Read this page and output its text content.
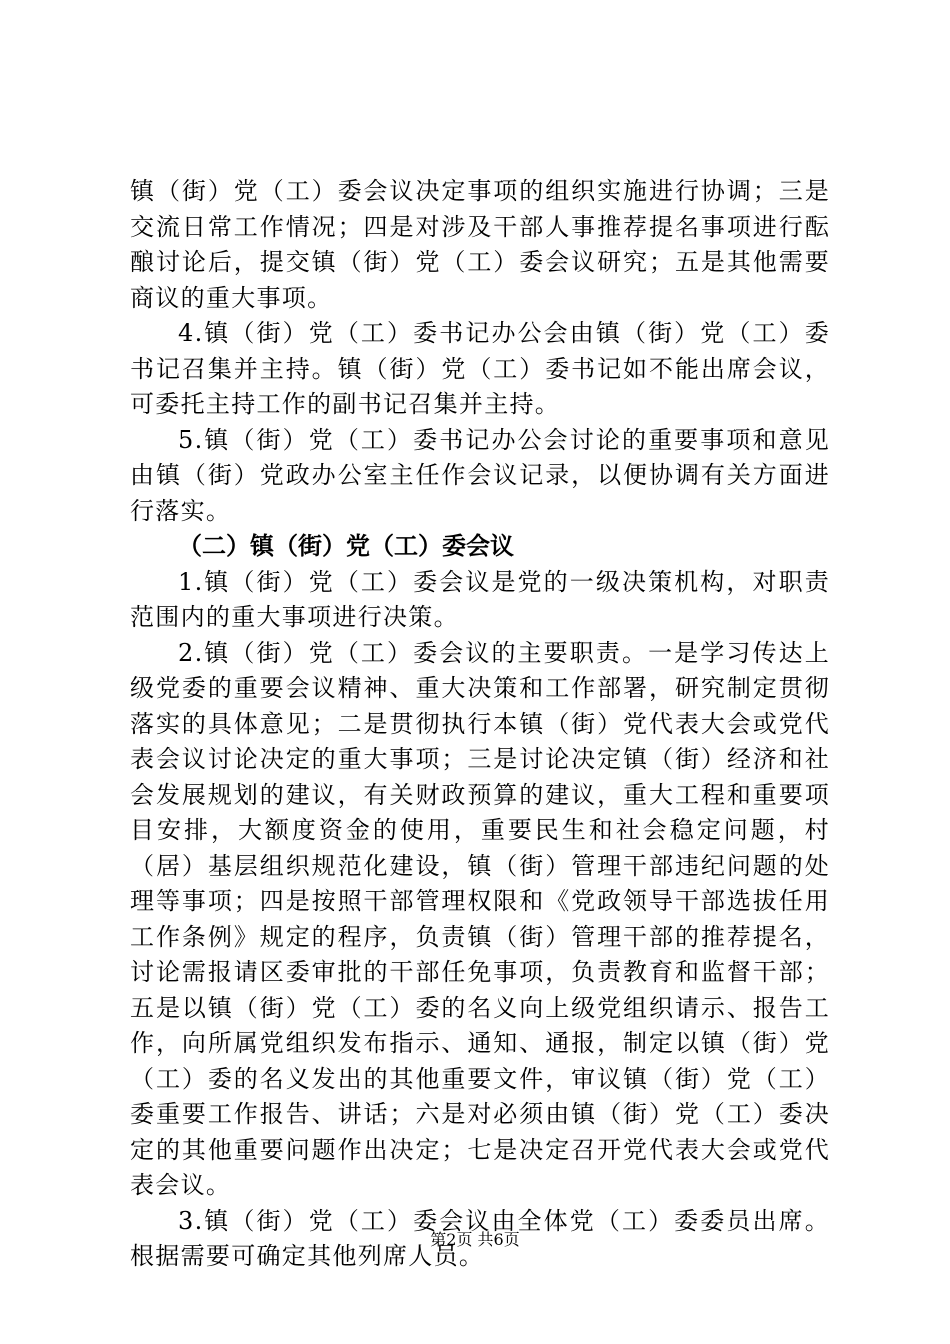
镇（街）党（工）委会议决定事项的组织实施进行协调；三是交流日常工作情况；四是对涉及干部人事推荐提名事项进行酝酿讨论后，提交镇（街）党（工）委会议研究；五是其他需要商议的重大事项。

4.镇（街）党（工）委书记办公会由镇（街）党（工）委书记召集并主持。镇（街）党（工）委书记如不能出席会议，可委托主持工作的副书记召集并主持。

5.镇（街）党（工）委书记办公会讨论的重要事项和意见由镇（街）党政办公室主任作会议记录，以便协调有关方面进行落实。

（二）镇（街）党（工）委会议

1.镇（街）党（工）委会议是党的一级决策机构，对职责范围内的重大事项进行决策。

2.镇（街）党（工）委会议的主要职责。一是学习传达上级党委的重要会议精神、重大决策和工作部署，研究制定贯彻落实的具体意见；二是贯彻执行本镇（街）党代表大会或党代表会议讨论决定的重大事项；三是讨论决定镇（街）经济和社会发展规划的建议，有关财政预算的建议，重大工程和重要项目安排，大额度资金的使用，重要民生和社会稳定问题，村（居）基层组织规范化建设，镇（街）管理干部违纪问题的处理等事项；四是按照干部管理权限和《党政领导干部选拔任用工作条例》规定的程序，负责镇（街）管理干部的推荐提名，讨论需报请区委审批的干部任免事项，负责教育和监督干部；五是以镇（街）党（工）委的名义向上级党组织请示、报告工作，向所属党组织发布指示、通知、通报，制定以镇（街）党（工）委的名义发出的其他重要文件，审议镇（街）党（工）委重要工作报告、讲话；六是对必须由镇（街）党（工）委决定的其他重要问题作出决定；七是决定召开党代表大会或党代表会议。

3.镇（街）党（工）委会议由全体党（工）委委员出席。根据需要可确定其他列席人员。

第2页 共6页
